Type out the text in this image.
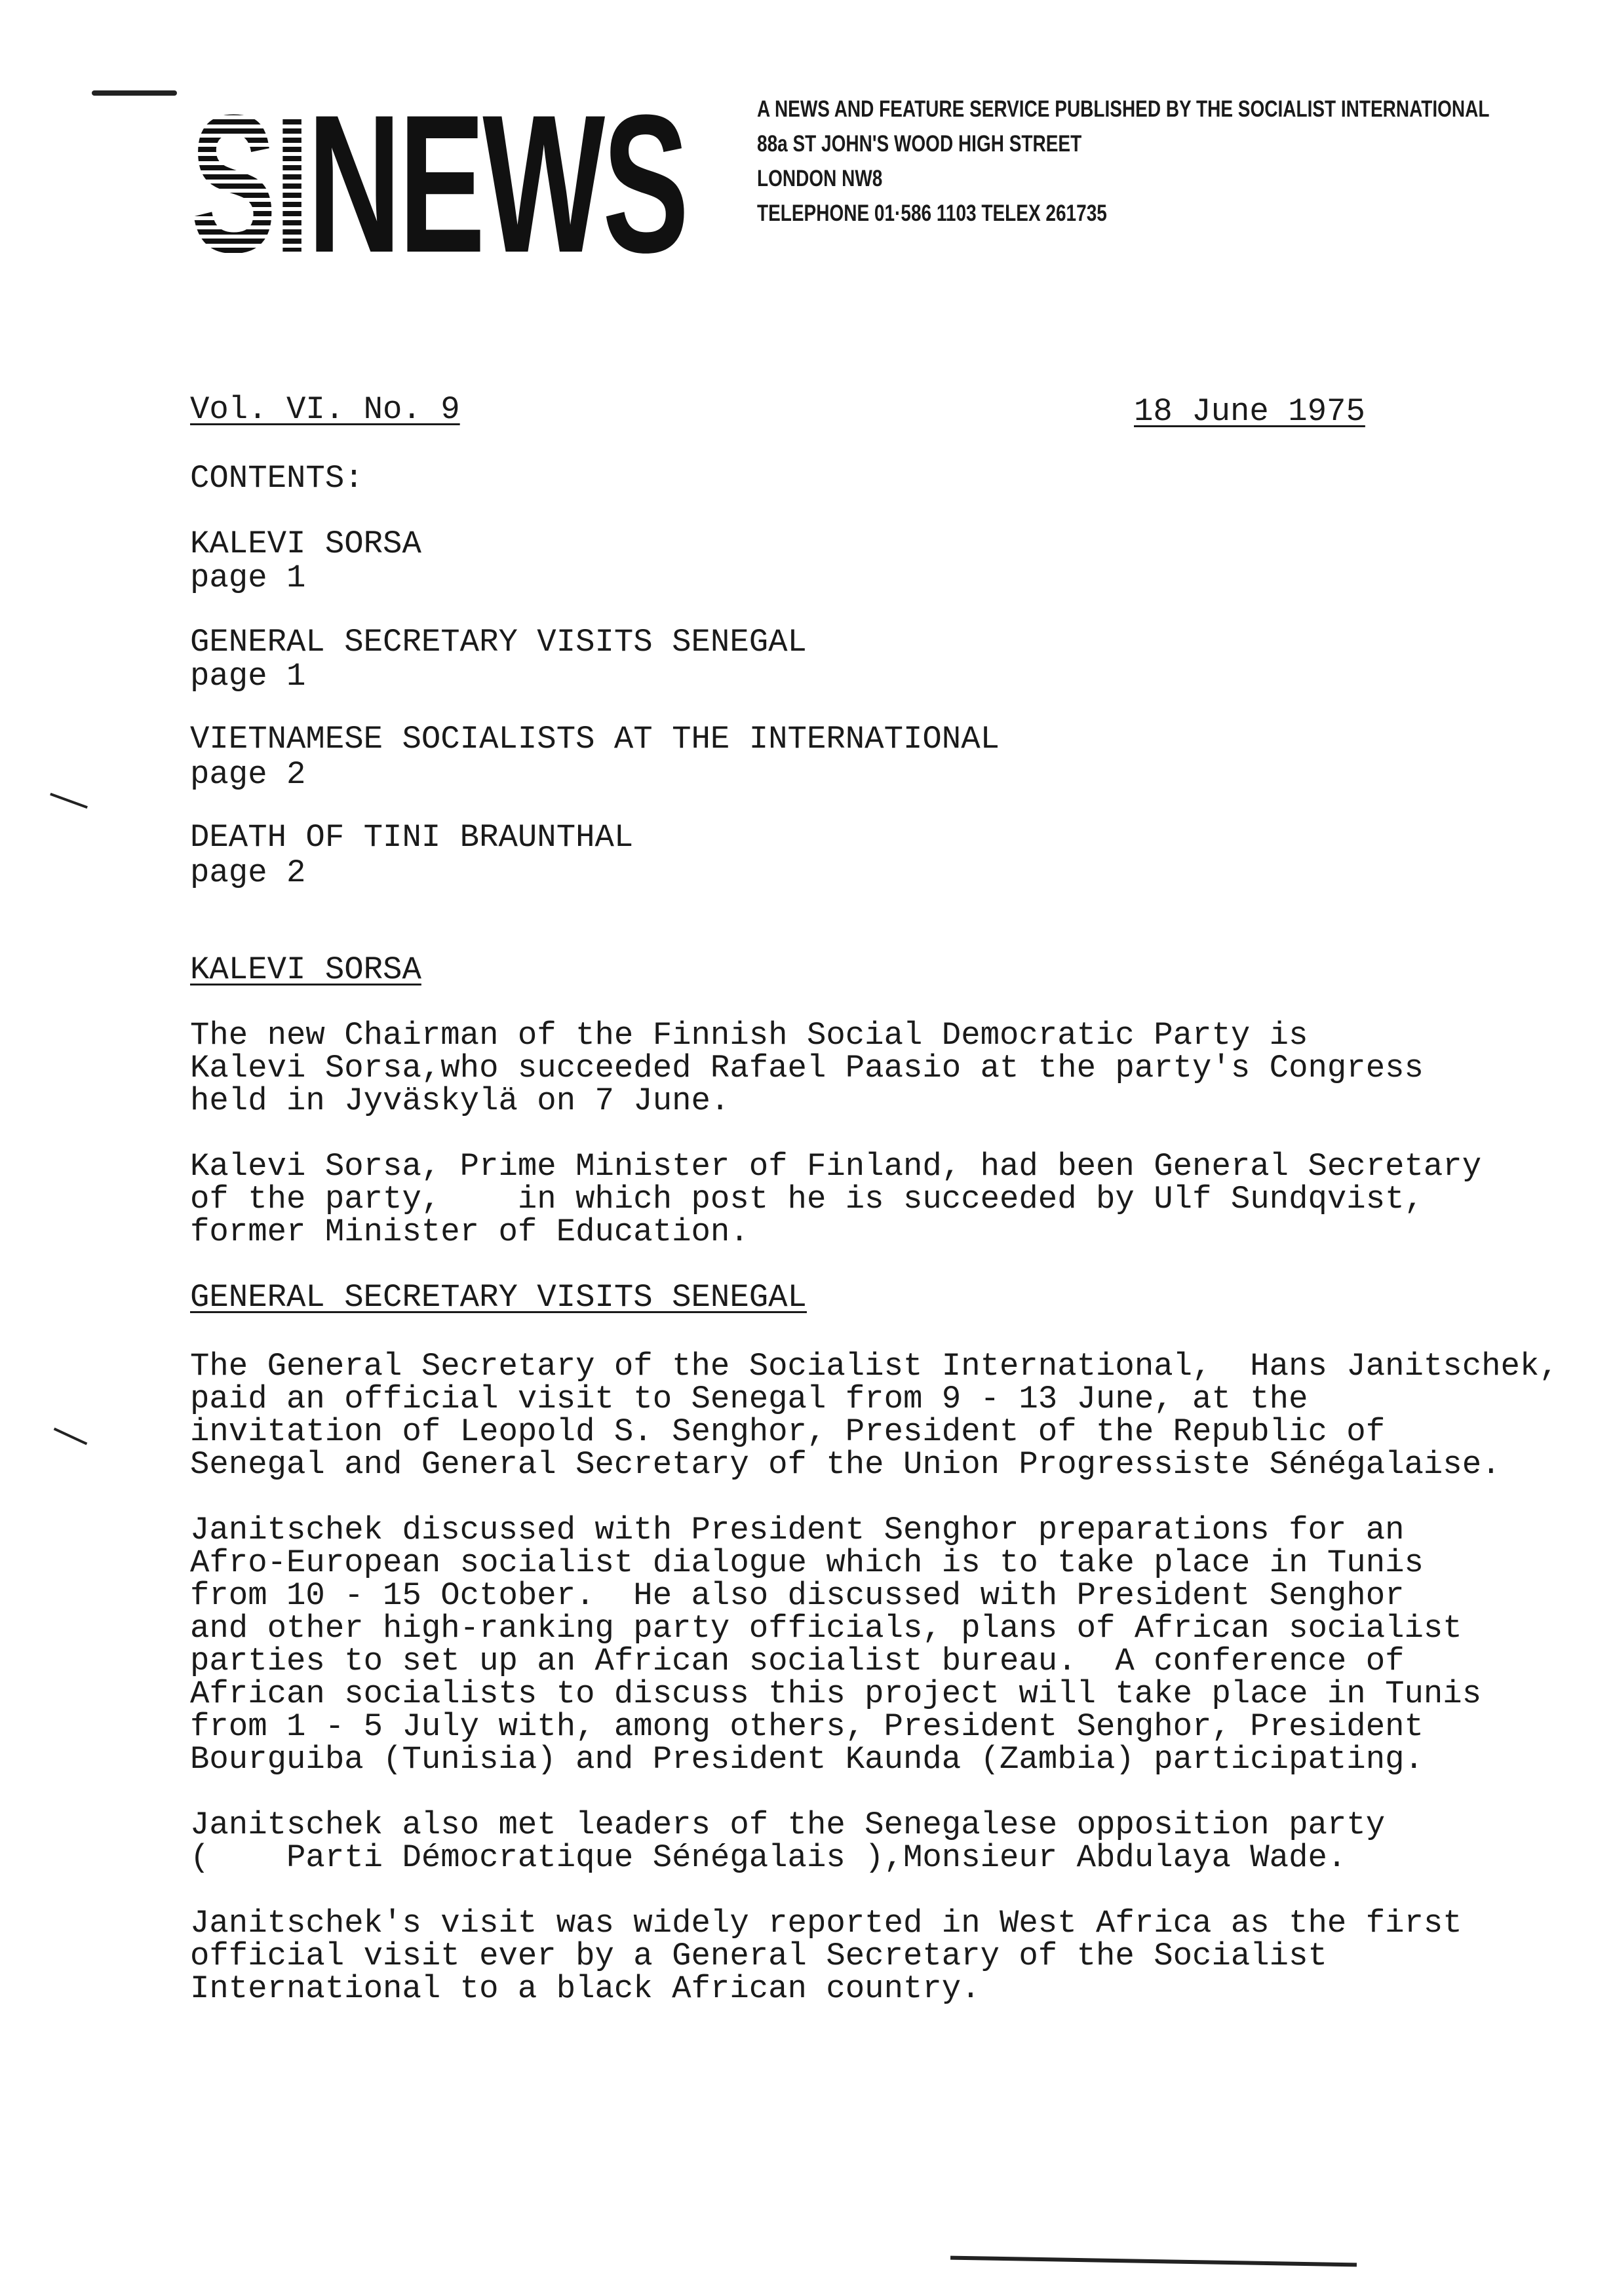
SINEWS	A NEWS AND FEATURE SERVICE PUBLISHED BY THE SOCIALIST INTERNATIONAL
88a ST JOHN'S WOOD HIGH STREET
LONDON NW8
TELEPHONE 01·586 1103 TELEX 261735
Vol. VI. No. 9	18 June 1975
CONTENTS:
KALEVI SORSA
page 1
GENERAL SECRETARY VISITS SENEGAL
page 1
VIETNAMESE SOCIALISTS AT THE INTERNATIONAL
page 2
DEATH OF TINI BRAUNTHAL
page 2
KALEVI SORSA
The new Chairman of the Finnish Social Democratic Party is
Kalevi Sorsa,who succeeded Rafael Paasio at the party's Congress
held in Jyväskylä on 7 June.
Kalevi Sorsa, Prime Minister of Finland, had been General Secretary
of the party,    in which post he is succeeded by Ulf Sundqvist,
former Minister of Education.
GENERAL SECRETARY VISITS SENEGAL
The General Secretary of the Socialist International,  Hans Janitschek,
paid an official visit to Senegal from 9 - 13 June, at the
invitation of Leopold S. Senghor, President of the Republic of
Senegal and General Secretary of the Union Progressiste Sénégalaise.
Janitschek discussed with President Senghor preparations for an
Afro-European socialist dialogue which is to take place in Tunis
from 10 - 15 October.  He also discussed with President Senghor
and other high-ranking party officials, plans of African socialist
parties to set up an African socialist bureau.  A conference of
African socialists to discuss this project will take place in Tunis
from 1 - 5 July with, among others, President Senghor, President
Bourguiba (Tunisia) and President Kaunda (Zambia) participating.
Janitschek also met leaders of the Senegalese opposition party
(    Parti Démocratique Sénégalais ),Monsieur Abdulaya Wade.
Janitschek's visit was widely reported in West Africa as the first
official visit ever by a General Secretary of the Socialist
International to a black African country.
